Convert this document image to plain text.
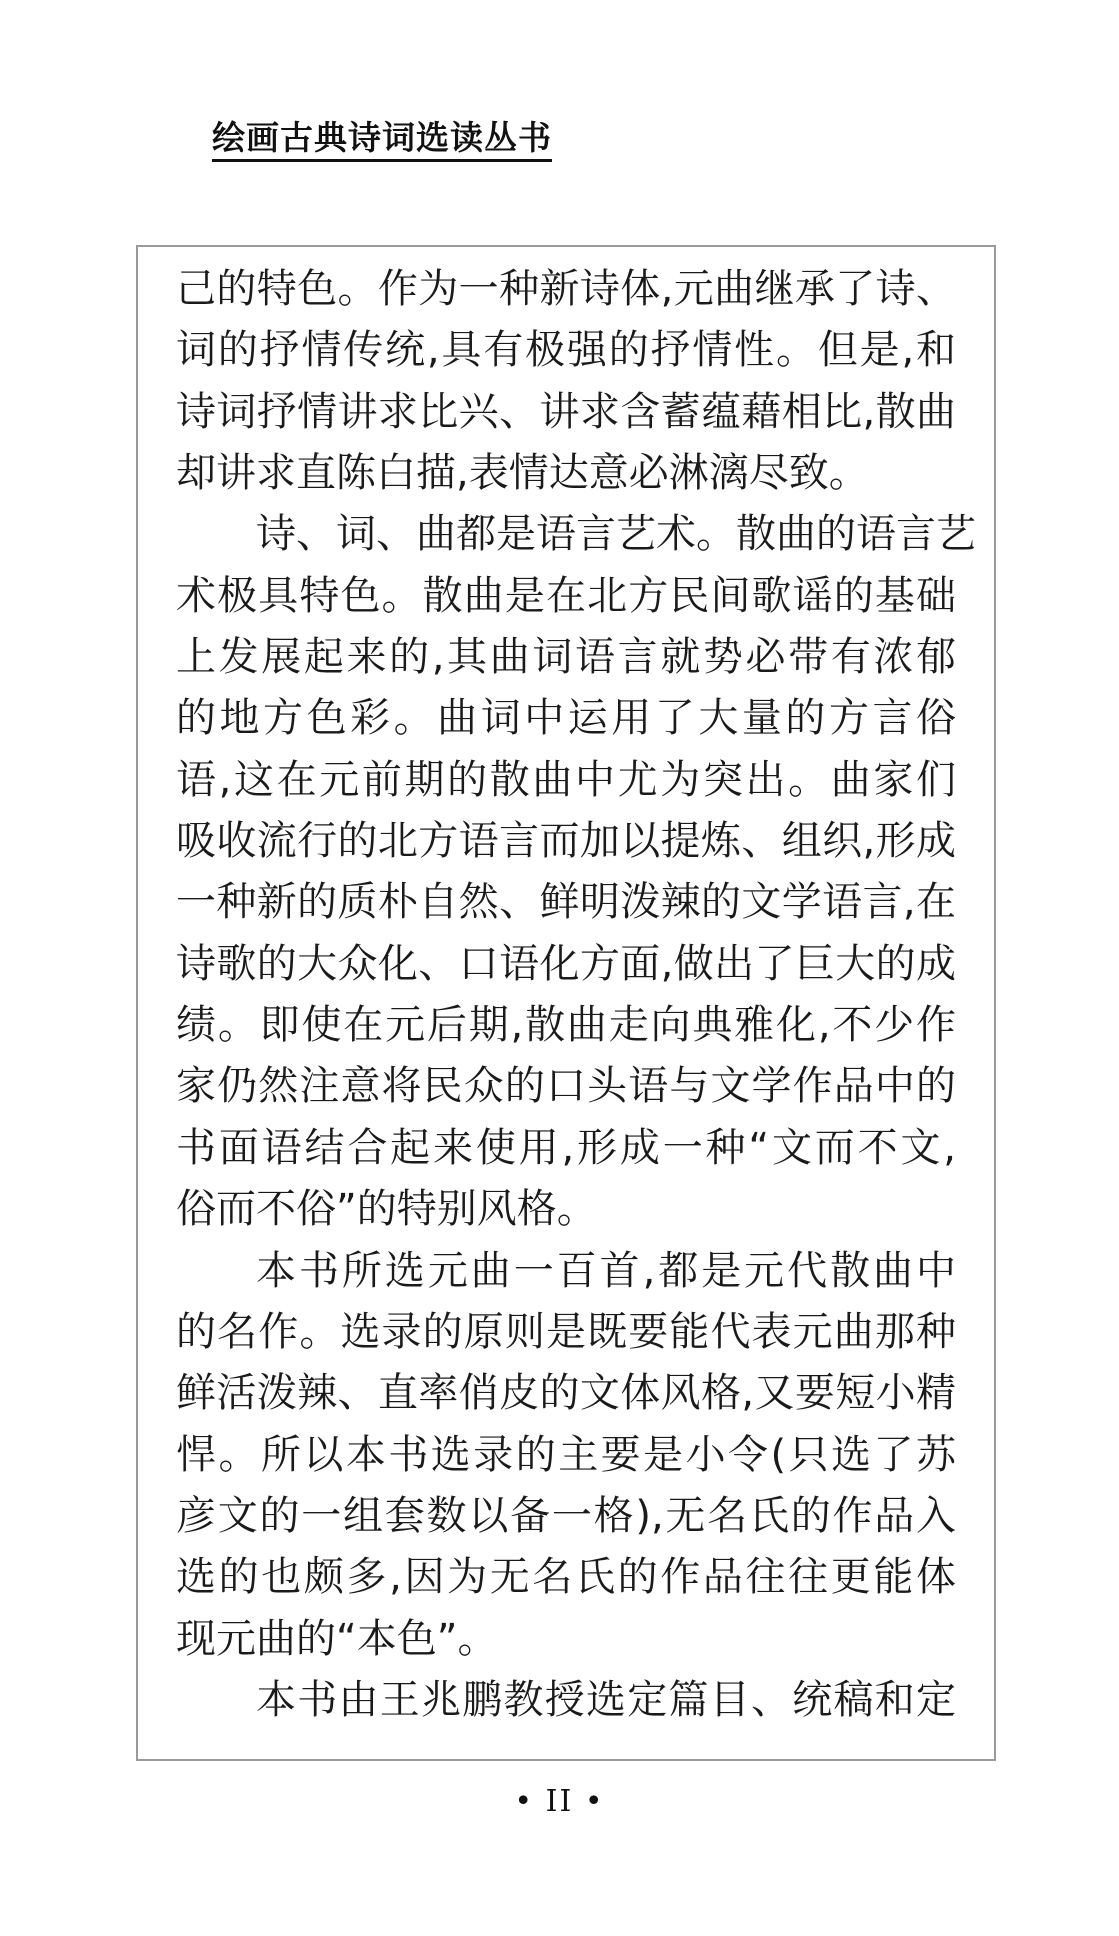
绘画古典诗词选读丛书
己的特色。作为一种新诗体,元曲继承了诗、
词的抒情传统,具有极强的抒情性。但是,和
诗词抒情讲求比兴、讲求含蓄蕴藉相比,散曲
却讲求直陈白描,表情达意必淋漓尽致。
诗、词、曲都是语言艺术。散曲的语言艺
术极具特色。散曲是在北方民间歌谣的基础
上发展起来的,其曲词语言就势必带有浓郁
的地方色彩。曲词中运用了大量的方言俗
语,这在元前期的散曲中尤为突出。曲家们
吸收流行的北方语言而加以提炼、组织,形成
一种新的质朴自然、鲜明泼辣的文学语言,在
诗歌的大众化、口语化方面,做出了巨大的成
绩。即使在元后期,散曲走向典雅化,不少作
家仍然注意将民众的口头语与文学作品中的
书面语结合起来使用,形成一种“文而不文,
俗而不俗”的特别风格。
本书所选元曲一百首,都是元代散曲中
的名作。选录的原则是既要能代表元曲那种
鲜活泼辣、直率俏皮的文体风格,又要短小精
悍。所以本书选录的主要是小令(只选了苏
彦文的一组套数以备一格),无名氏的作品入
选的也颇多,因为无名氏的作品往往更能体
现元曲的“本色”。
本书由王兆鹏教授选定篇目、统稿和定
• II •
